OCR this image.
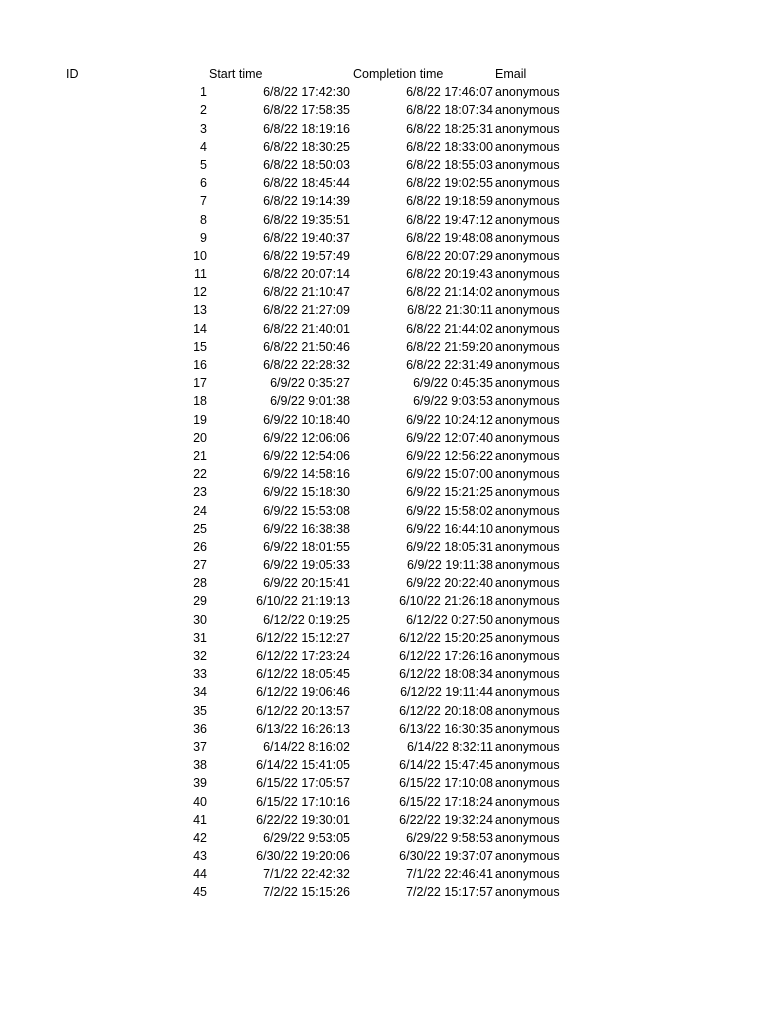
ID	Start time	Completion time	Email
1	6/8/22 17:42:30	6/8/22 17:46:07 anonymous
2	6/8/22 17:58:35	6/8/22 18:07:34 anonymous
3	6/8/22 18:19:16	6/8/22 18:25:31 anonymous
4	6/8/22 18:30:25	6/8/22 18:33:00 anonymous
5	6/8/22 18:50:03	6/8/22 18:55:03 anonymous
6	6/8/22 18:45:44	6/8/22 19:02:55 anonymous
7	6/8/22 19:14:39	6/8/22 19:18:59 anonymous
8	6/8/22 19:35:51	6/8/22 19:47:12 anonymous
9	6/8/22 19:40:37	6/8/22 19:48:08 anonymous
10	6/8/22 19:57:49	6/8/22 20:07:29 anonymous
11	6/8/22 20:07:14	6/8/22 20:19:43 anonymous
12	6/8/22 21:10:47	6/8/22 21:14:02 anonymous
13	6/8/22 21:27:09	6/8/22 21:30:11 anonymous
14	6/8/22 21:40:01	6/8/22 21:44:02 anonymous
15	6/8/22 21:50:46	6/8/22 21:59:20 anonymous
16	6/8/22 22:28:32	6/8/22 22:31:49 anonymous
17	6/9/22 0:35:27	6/9/22 0:45:35 anonymous
18	6/9/22 9:01:38	6/9/22 9:03:53 anonymous
19	6/9/22 10:18:40	6/9/22 10:24:12 anonymous
20	6/9/22 12:06:06	6/9/22 12:07:40 anonymous
21	6/9/22 12:54:06	6/9/22 12:56:22 anonymous
22	6/9/22 14:58:16	6/9/22 15:07:00 anonymous
23	6/9/22 15:18:30	6/9/22 15:21:25 anonymous
24	6/9/22 15:53:08	6/9/22 15:58:02 anonymous
25	6/9/22 16:38:38	6/9/22 16:44:10 anonymous
26	6/9/22 18:01:55	6/9/22 18:05:31 anonymous
27	6/9/22 19:05:33	6/9/22 19:11:38 anonymous
28	6/9/22 20:15:41	6/9/22 20:22:40 anonymous
29	6/10/22 21:19:13	6/10/22 21:26:18 anonymous
30	6/12/22 0:19:25	6/12/22 0:27:50 anonymous
31	6/12/22 15:12:27	6/12/22 15:20:25 anonymous
32	6/12/22 17:23:24	6/12/22 17:26:16 anonymous
33	6/12/22 18:05:45	6/12/22 18:08:34 anonymous
34	6/12/22 19:06:46	6/12/22 19:11:44 anonymous
35	6/12/22 20:13:57	6/12/22 20:18:08 anonymous
36	6/13/22 16:26:13	6/13/22 16:30:35 anonymous
37	6/14/22 8:16:02	6/14/22 8:32:11 anonymous
38	6/14/22 15:41:05	6/14/22 15:47:45 anonymous
39	6/15/22 17:05:57	6/15/22 17:10:08 anonymous
40	6/15/22 17:10:16	6/15/22 17:18:24 anonymous
41	6/22/22 19:30:01	6/22/22 19:32:24 anonymous
42	6/29/22 9:53:05	6/29/22 9:58:53 anonymous
43	6/30/22 19:20:06	6/30/22 19:37:07 anonymous
44	7/1/22 22:42:32	7/1/22 22:46:41 anonymous
45	7/2/22 15:15:26	7/2/22 15:17:57 anonymous
